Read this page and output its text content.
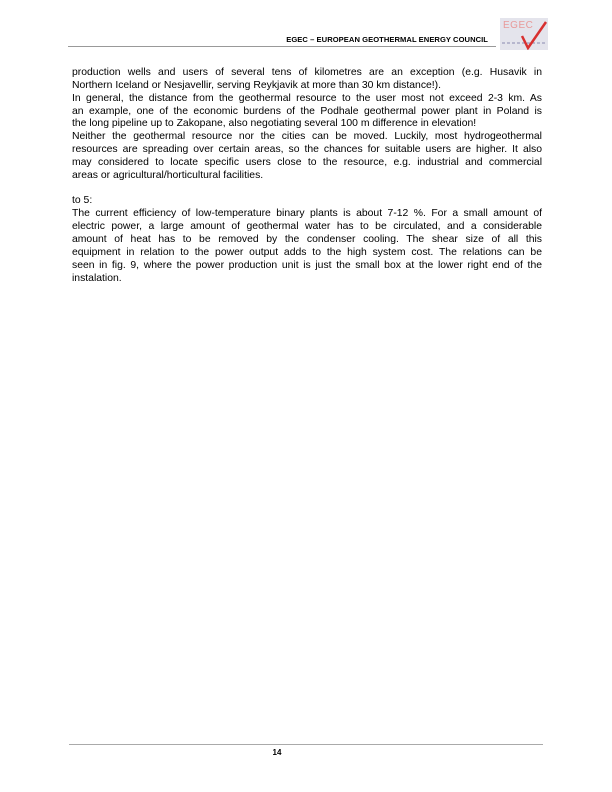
EGEC – EUROPEAN GEOTHERMAL ENERGY COUNCIL
EGEC
production wells and users of several tens of kilometres are an exception (e.g. Husavik in
Northern Iceland or Nesjavellir, serving Reykjavik at more than 30 km distance!).
In general, the distance from the geothermal resource to the user most not exceed 2-3 km. As
an example, one of the economic burdens of the Podhale geothermal power plant in Poland is
the long pipeline up to Zakopane, also negotiating several 100 m difference in elevation!
Neither the geothermal resource nor the cities can be moved. Luckily, most hydrogeothermal
resources are spreading over certain areas, so the chances for suitable users are higher. It also
may considered to locate specific users close to the resource, e.g. industrial and commercial
areas or agricultural/horticultural facilities.
to 5:
The current efficiency of low-temperature binary plants is about 7-12 %. For a small amount of
electric power, a large amount of geothermal water has to be circulated, and a considerable
amount of heat has to be removed by the condenser cooling. The shear size of all this
equipment in relation to the power output adds to the high system cost. The relations can be
seen in fig. 9, where the power production unit is just the small box at the lower right end of the
instalation.
14
